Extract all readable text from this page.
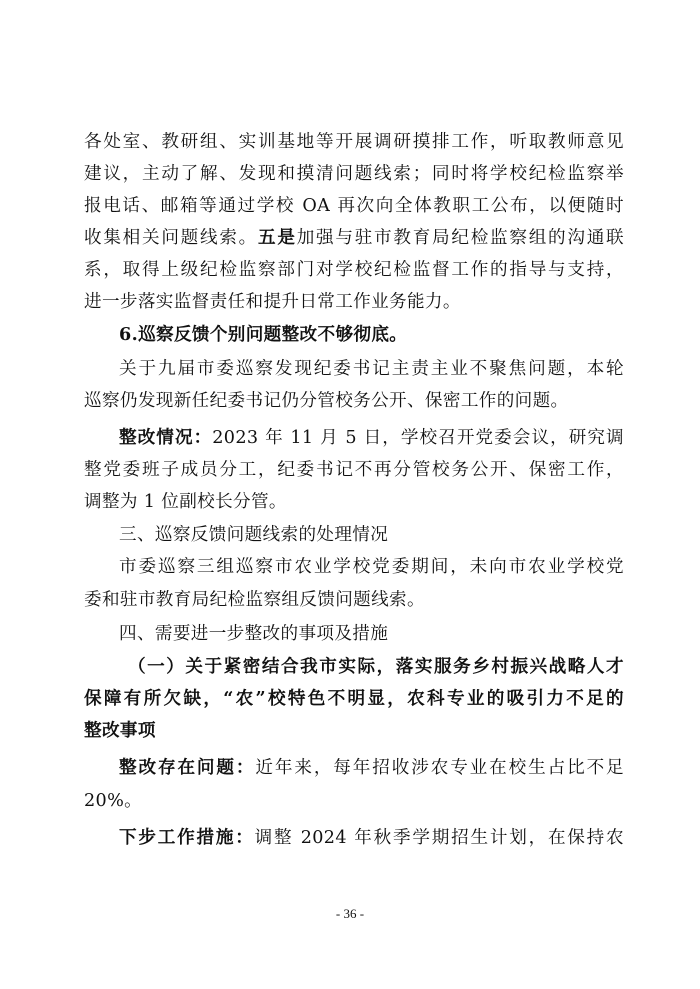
各处室、教研组、实训基地等开展调研摸排工作，听取教师意见
建议，主动了解、发现和摸清问题线索；同时将学校纪检监察举
报电话、邮箱等通过学校 OA 再次向全体教职工公布，以便随时
收集相关问题线索。五是加强与驻市教育局纪检监察组的沟通联
系，取得上级纪检监察部门对学校纪检监督工作的指导与支持，
进一步落实监督责任和提升日常工作业务能力。
6.巡察反馈个别问题整改不够彻底。
关于九届市委巡察发现纪委书记主责主业不聚焦问题，本轮
巡察仍发现新任纪委书记仍分管校务公开、保密工作的问题。
整改情况：2023 年 11 月 5 日，学校召开党委会议，研究调
整党委班子成员分工，纪委书记不再分管校务公开、保密工作，
调整为 1 位副校长分管。
三、巡察反馈问题线索的处理情况
市委巡察三组巡察市农业学校党委期间，未向市农业学校党
委和驻市教育局纪检监察组反馈问题线索。
四、需要进一步整改的事项及措施
（一）关于紧密结合我市实际，落实服务乡村振兴战略人才
保障有所欠缺，“农”校特色不明显，农科专业的吸引力不足的
整改事项
整改存在问题：近年来，每年招收涉农专业在校生占比不足
20%。
下步工作措施：调整 2024 年秋季学期招生计划，在保持农
- 36 -
